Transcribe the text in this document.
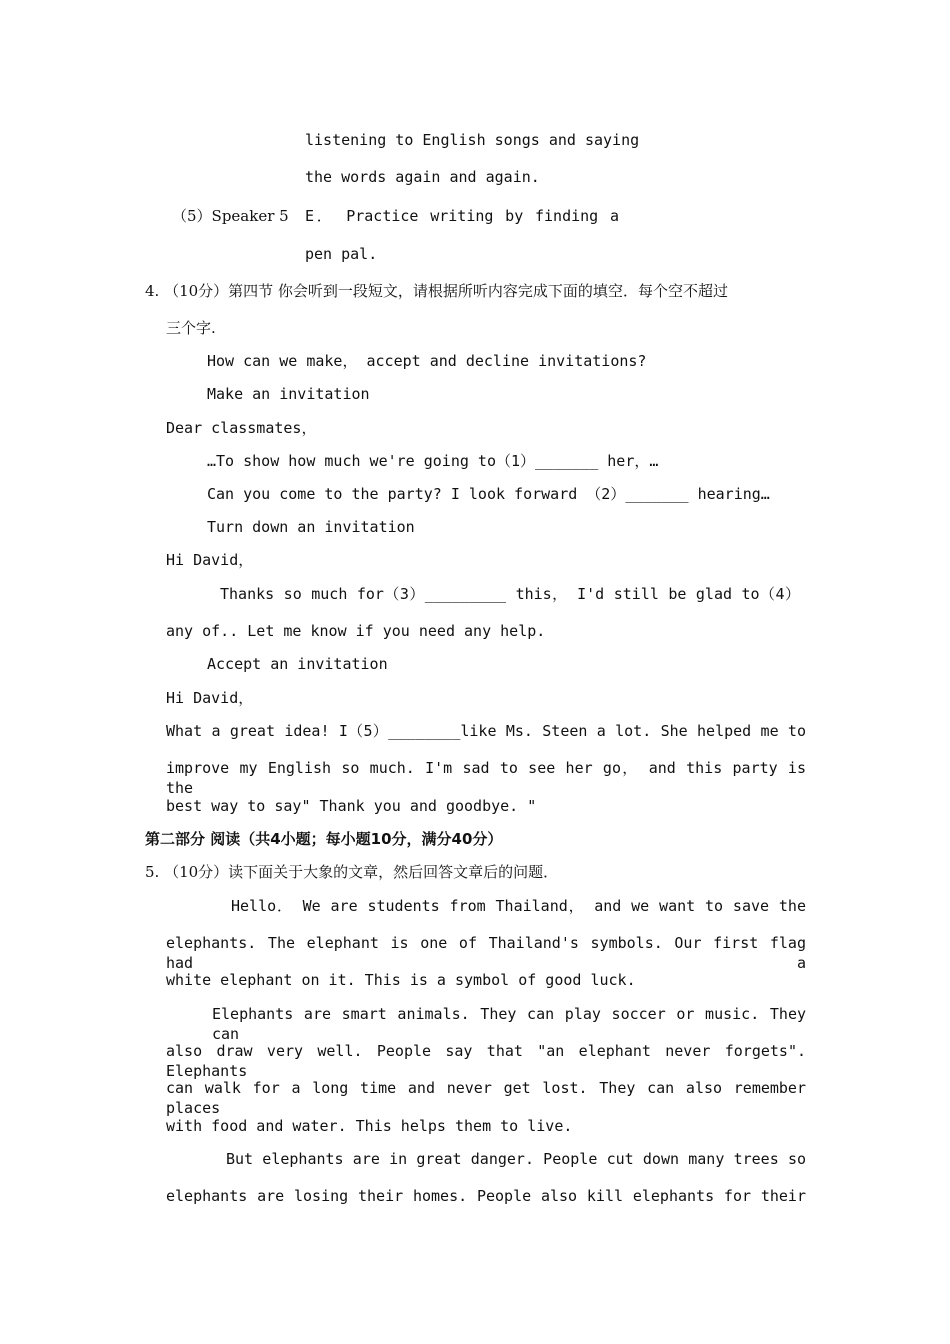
listening to English songs and saying
the words again and again.
（5）Speaker 5 E． Practice writing by finding a
pen pal.
4. （10分）第四节 你会听到一段短文，请根据所听内容完成下面的填空．每个空不超过
三个字.
How can we make， accept and decline invitations?
Make an invitation
Dear classmates，
…To show how much we're going to（1）_______ her，…
Can you come to the party? I look forward （2）_______ hearing…
Turn down an invitation
Hi David，
Thanks so much for（3）_________ this， I'd still be glad to（4）
any of.. Let me know if you need any help.
Accept an invitation
Hi David，
What a great idea! I（5）________like Ms. Steen a lot. She helped me to
improve my English so much. I'm sad to see her go， and this party is the
best way to say" Thank you and goodbye. "
第二部分 阅读（共4小题；每小题10分，满分40分）
5. （10分）读下面关于大象的文章，然后回答文章后的问题．
Hello． We are students from Thailand， and we want to save the
elephants. The elephant is one of Thailand's symbols. Our first flag had a
white elephant on it. This is a symbol of good luck.
Elephants are smart animals. They can play soccer or music. They can
also draw very well. People say that "an elephant never forgets". Elephants
can walk for a long time and never get lost. They can also remember places
with food and water. This helps them to live.
But elephants are in great danger. People cut down many trees so
elephants are losing their homes. People also kill elephants for their
